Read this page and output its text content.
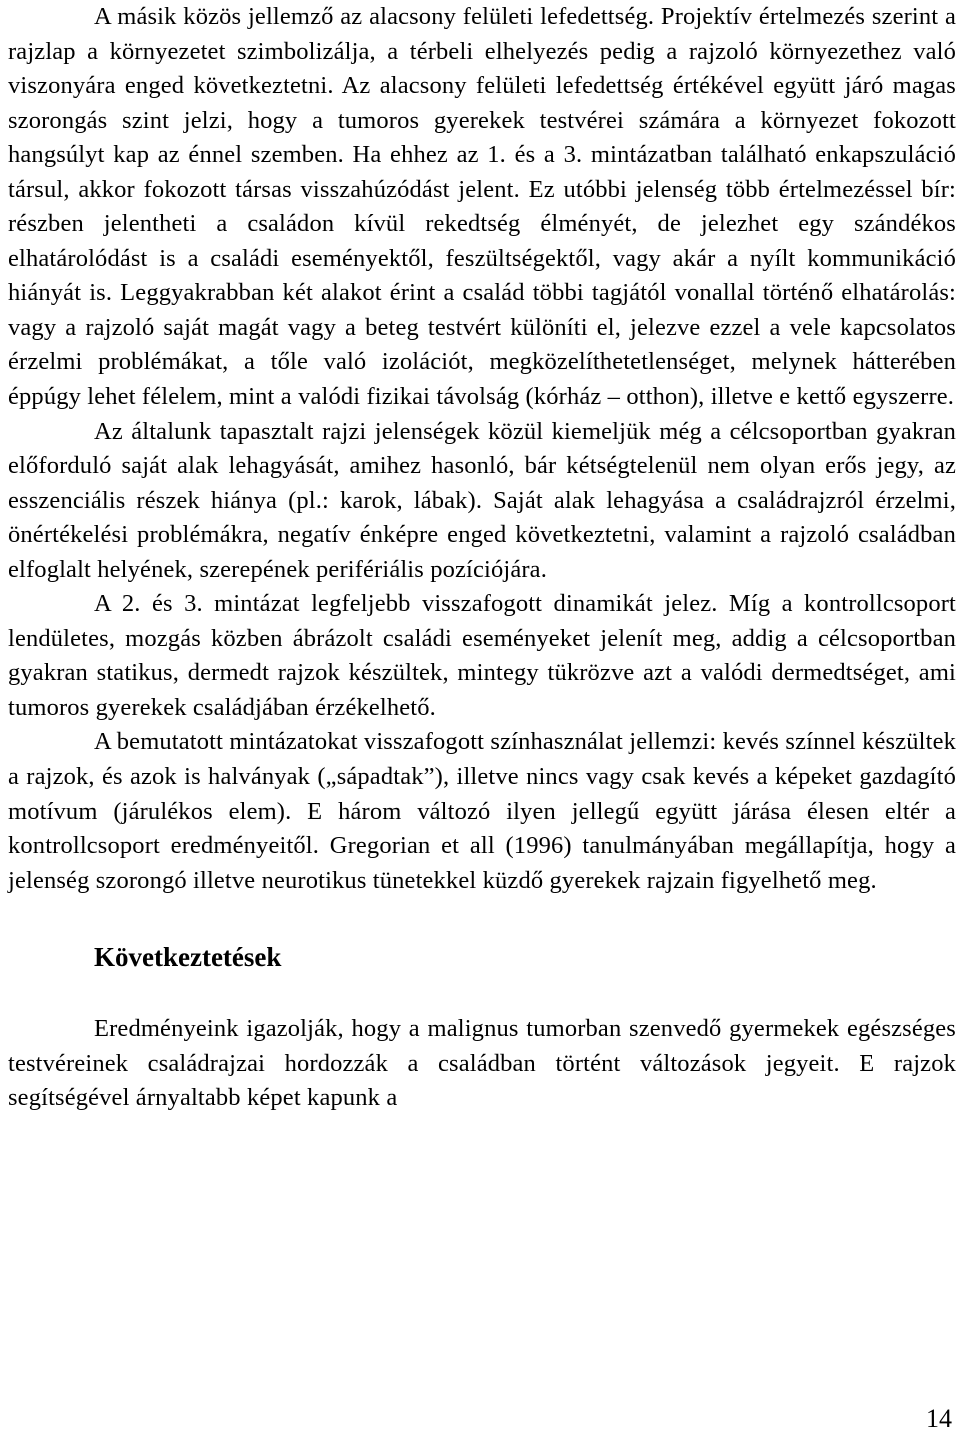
A másik közös jellemző az alacsony felületi lefedettség. Projektív értelmezés szerint a rajzlap a környezetet szimbolizálja, a térbeli elhelyezés pedig a rajzoló környezethez való viszonyára enged következtetni. Az alacsony felületi lefedettség értékével együtt járó magas szorongás szint jelzi, hogy a tumoros gyerekek testvérei számára a környezet fokozott hangsúlyt kap az énnel szemben. Ha ehhez az 1. és a 3. mintázatban található enkapszuláció társul, akkor fokozott társas visszahúzódást jelent. Ez utóbbi jelenség több értelmezéssel bír: részben jelentheti a családon kívül rekedtség élményét, de jelezhet egy szándékos elhatárolódást is a családi eseményektől, feszültségektől, vagy akár a nyílt kommunikáció hiányát is. Leggyakrabban két alakot érint a család többi tagjától vonallal történő elhatárolás: vagy a rajzoló saját magát vagy a beteg testvért különíti el, jelezve ezzel a vele kapcsolatos érzelmi problémákat, a tőle való izolációt, megközelíthetetlenséget, melynek hátterében éppúgy lehet félelem, mint a valódi fizikai távolság (kórház – otthon), illetve e kettő egyszerre.

Az általunk tapasztalt rajzi jelenségek közül kiemeljük még a célcsoportban gyakran előforduló saját alak lehagyását, amihez hasonló, bár kétségtelenül nem olyan erős jegy, az esszenciális részek hiánya (pl.: karok, lábak). Saját alak lehagyása a családrajzról érzelmi, önértékelési problémákra, negatív énképre enged következtetni, valamint a rajzoló családban elfoglalt helyének, szerepének perifériális pozíciójára.

A 2. és 3. mintázat legfeljebb visszafogott dinamikát jelez. Míg a kontrollcsoport lendületes, mozgás közben ábrázolt családi eseményeket jelenít meg, addig a célcsoportban gyakran statikus, dermedt rajzok készültek, mintegy tükrözve azt a valódi dermedtséget, ami tumoros gyerekek családjában érzékelhető.

A bemutatott mintázatokat visszafogott színhasználat jellemzi: kevés színnel készültek a rajzok, és azok is halványak („sápadtak”), illetve nincs vagy csak kevés a képeket gazdagító motívum (járulékos elem). E három változó ilyen jellegű együtt járása élesen eltér a kontrollcsoport eredményeitől. Gregorian et all (1996) tanulmányában megállapítja, hogy a jelenség szorongó illetve neurotikus tünetekkel küzdő gyerekek rajzain figyelhető meg.

Következtetések

Eredményeink igazolják, hogy a malignus tumorban szenvedő gyermekek egészséges testvéreinek családrajzai hordozzák a családban történt változások jegyeit. E rajzok segítségével árnyaltabb képet kapunk a

14
